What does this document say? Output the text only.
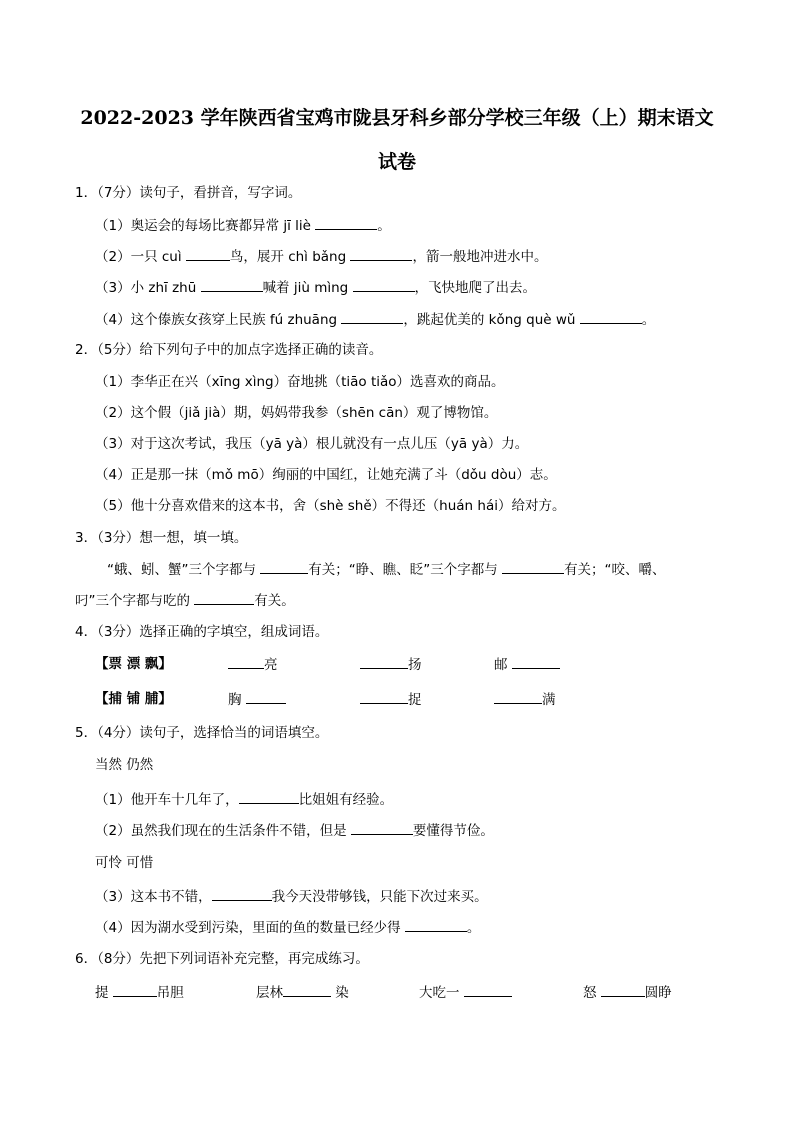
2022-2023 学年陕西省宝鸡市陇县牙科乡部分学校三年级（上）期末语文
试卷
1．（7分）读句子，看拼音，写字词。
（1）奥运会的每场比赛都异常 jī liè	。
（2）一只 cuì	鸟，展开 chì bǎng	，箭一般地冲进水中。
（3）小 zhī zhū	喊着 jiù mìng	，飞快地爬了出去。
（4）这个傣族女孩穿上民族 fú zhuāng	，跳起优美的 kǒng què wǔ	。
2．（5分）给下列句子中的加点字选择正确的读音。
（1）李华正在兴（xīng xìng）奋地挑（tiāo tiǎo）选喜欢的商品。
（2）这个假（jiǎ jià）期，妈妈带我参（shēn cān）观了博物馆。
（3）对于这次考试，我压（yā yà）根儿就没有一点儿压（yā yà）力。
（4）正是那一抹（mǒ mō）绚丽的中国红，让她充满了斗（dǒu dòu）志。
（5）他十分喜欢借来的这本书，舍（shè shě）不得还（huán hái）给对方。
3．（3分）想一想，填一填。
“蛾、蚓、蟹”三个字都与	有关；“睁、瞧、眨”三个字都与	有关；“咬、嚼、
叼”三个字都与吃的	有关。
4．（3分）选择正确的字填空，组成词语。
【票 漂 飘】	亮	扬	邮
【捕 铺 脯】	胸	捉	满
5．（4分）读句子，选择恰当的词语填空。
当然 仍然
（1）他开车十几年了，	比姐姐有经验。
（2）虽然我们现在的生活条件不错，但是	要懂得节俭。
可怜 可惜
（3）这本书不错，	我今天没带够钱，只能下次过来买。
（4）因为湖水受到污染，里面的鱼的数量已经少得	。
6．（8分）先把下列词语补充完整，再完成练习。
提	吊胆	层林	染	大吃一	怒	圆睁
